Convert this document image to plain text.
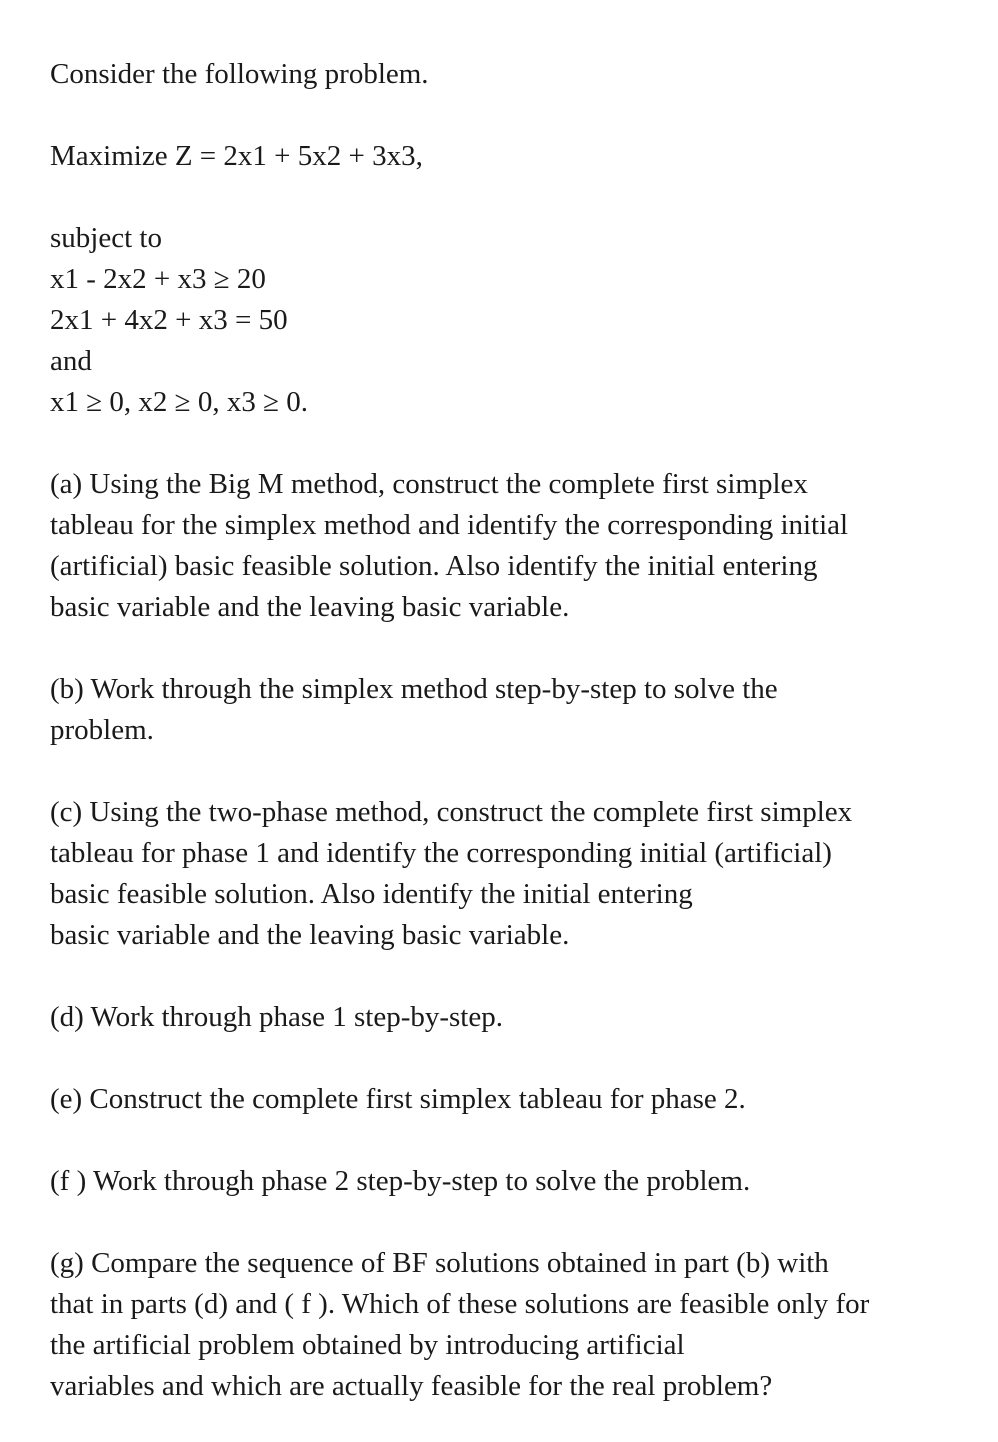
Consider the following problem.
Maximize Z = 2x1 + 5x2 + 3x3,
subject to
x1 - 2x2 + x3 ≥ 20
2x1 + 4x2 + x3 = 50
and
x1 ≥ 0, x2 ≥ 0, x3 ≥ 0.
(a) Using the Big M method, construct the complete first simplex
tableau for the simplex method and identify the corresponding initial
(artificial) basic feasible solution. Also identify the initial entering
basic variable and the leaving basic variable.
(b) Work through the simplex method step-by-step to solve the
problem.
(c) Using the two-phase method, construct the complete first simplex
tableau for phase 1 and identify the corresponding initial (artificial)
basic feasible solution. Also identify the initial entering
basic variable and the leaving basic variable.
(d) Work through phase 1 step-by-step.
(e) Construct the complete first simplex tableau for phase 2.
(f ) Work through phase 2 step-by-step to solve the problem.
(g) Compare the sequence of BF solutions obtained in part (b) with
that in parts (d) and ( f ). Which of these solutions are feasible only for
the artificial problem obtained by introducing artificial
variables and which are actually feasible for the real problem?
